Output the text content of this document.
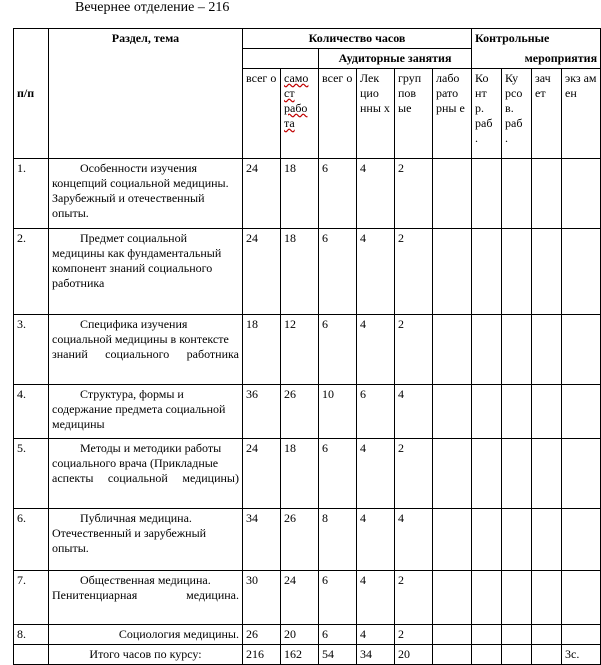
Вечернее отделение – 216
п/п	Раздел, тема	Количество часов						Контрольные			
				Аудиторные занятия				мероприятия			
		всег о	само ст рабо та	всег о	Лек цио нны х	груп пов ые	лабо рато рны е	Ко нт р. раб .	Ку рсо в. раб .	зач ет	экз ам ен
1.	Особенности изучения концепций социальной медицины. Зарубежный и отечественный опыты.	24	18	6	4	2					
2.	Предмет социальной медицины как фундаментальный компонент знаний социального работника	24	18	6	4	2					
3.	Специфика изучения социальной медицины в контексте знаний социального работника	18	12	6	4	2					
4.	Структура, формы и содержание предмета социальной медицины	36	26	10	6	4					
5.	Методы и методики работы социального врача (Прикладные аспекты социальной медицины)	24	18	6	4	2					
6.	Публичная медицина. Отечественный и зарубежный опыты.	34	26	8	4	4					
7.	Общественная медицина. Пенитенциарная медицина.	30	24	6	4	2					
8.	Социология медицины.	26	20	6	4	2					
	Итого часов по курсу:	216	162	54	34	20					3с.
